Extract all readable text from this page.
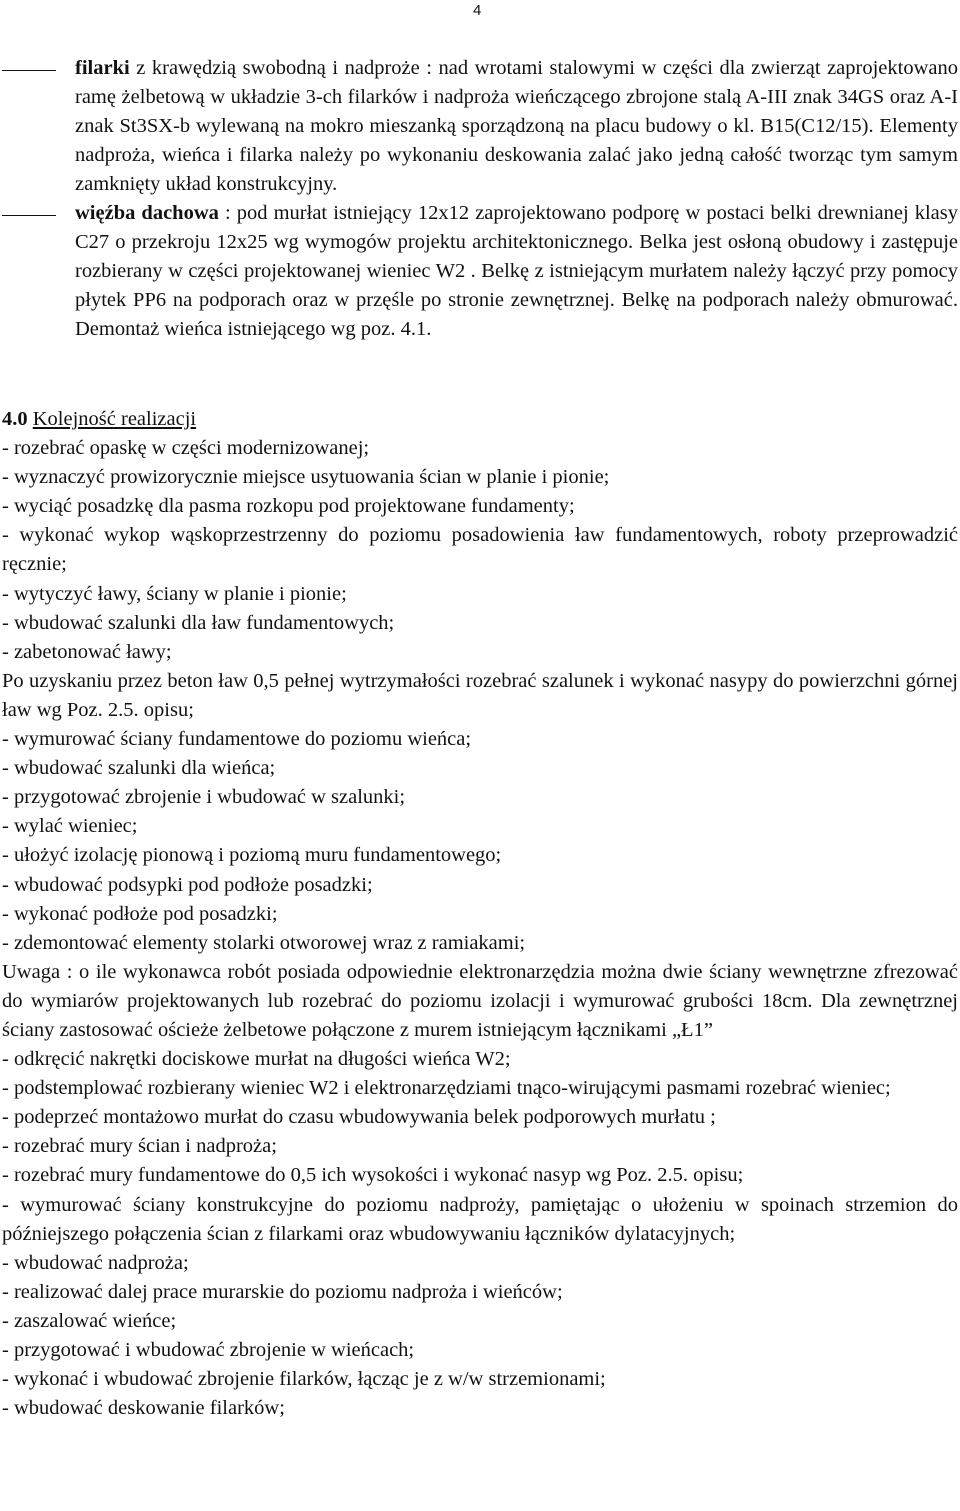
4
filarki z krawędzią swobodną i nadproże : nad wrotami stalowymi w części dla zwierząt zaprojektowano ramę żelbetową w układzie 3-ch filarków i nadproża wieńczącego zbrojone stalą A-III znak 34GS oraz A-I znak St3SX-b wylewaną na mokro mieszanką sporządzoną na placu budowy o kl. B15(C12/15). Elementy nadproża, wieńca i filarka należy po wykonaniu deskowania zalać jako jedną całość tworząc tym samym zamknięty układ konstrukcyjny.
więźba dachowa : pod murłat istniejący 12x12 zaprojektowano podporę w postaci belki drewnianej klasy C27 o przekroju 12x25 wg wymogów projektu architektonicznego. Belka jest osłoną obudowy i zastępuje rozbierany w części projektowanej wieniec W2 . Belkę z istniejącym murłatem należy łączyć przy pomocy płytek PP6 na podporach oraz w przęśle po stronie zewnętrznej. Belkę na podporach należy obmurować. Demontaż wieńca istniejącego wg poz. 4.1.
4.0 Kolejność realizacji

- rozebrać opaskę w części modernizowanej;

- wyznaczyć prowizorycznie miejsce usytuowania ścian w planie i pionie;

- wyciąć posadzkę dla pasma rozkopu pod projektowane fundamenty;

- wykonać wykop wąskoprzestrzenny do poziomu posadowienia ław fundamentowych, roboty przeprowadzić ręcznie;

- wytyczyć ławy, ściany w planie i pionie;

- wbudować szalunki dla ław fundamentowych;

- zabetonować ławy;

Po uzyskaniu przez beton ław 0,5 pełnej wytrzymałości rozebrać szalunek i wykonać nasypy do powierzchni górnej ław wg Poz. 2.5. opisu;

- wymurować ściany fundamentowe do poziomu wieńca;

- wbudować szalunki dla wieńca;

- przygotować zbrojenie i wbudować w szalunki;

- wylać wieniec;

- ułożyć izolację pionową i poziomą muru fundamentowego;

- wbudować podsypki pod podłoże posadzki;

- wykonać podłoże pod posadzki;

- zdemontować elementy stolarki otworowej wraz z ramiakami;

Uwaga : o ile wykonawca robót posiada odpowiednie elektronarzędzia można dwie ściany wewnętrzne zfrezować do wymiarów projektowanych lub rozebrać do poziomu izolacji i wymurować grubości 18cm. Dla zewnętrznej ściany zastosować ościeże żelbetowe połączone z murem istniejącym łącznikami „Ł1”

- odkręcić nakrętki dociskowe murłat na długości wieńca W2;

- podstemplować rozbierany wieniec W2 i elektronarzędziami tnąco-wirującymi pasmami rozebrać wieniec;

- podeprzeć montażowo murłat do czasu wbudowywania belek podporowych murłatu ;

- rozebrać mury ścian i nadproża;

- rozebrać mury fundamentowe do 0,5 ich wysokości i wykonać nasyp wg Poz. 2.5. opisu;

- wymurować ściany konstrukcyjne do poziomu nadproży, pamiętając o ułożeniu w spoinach strzemion do późniejszego połączenia ścian z filarkami oraz wbudowywaniu łączników dylatacyjnych;

- wbudować nadproża;

- realizować dalej prace murarskie do poziomu nadproża i wieńców;

- zaszalować wieńce;

- przygotować i wbudować zbrojenie w wieńcach;

- wykonać i wbudować zbrojenie filarków, łącząc je z w/w strzemionami;

- wbudować deskowanie filarków;
